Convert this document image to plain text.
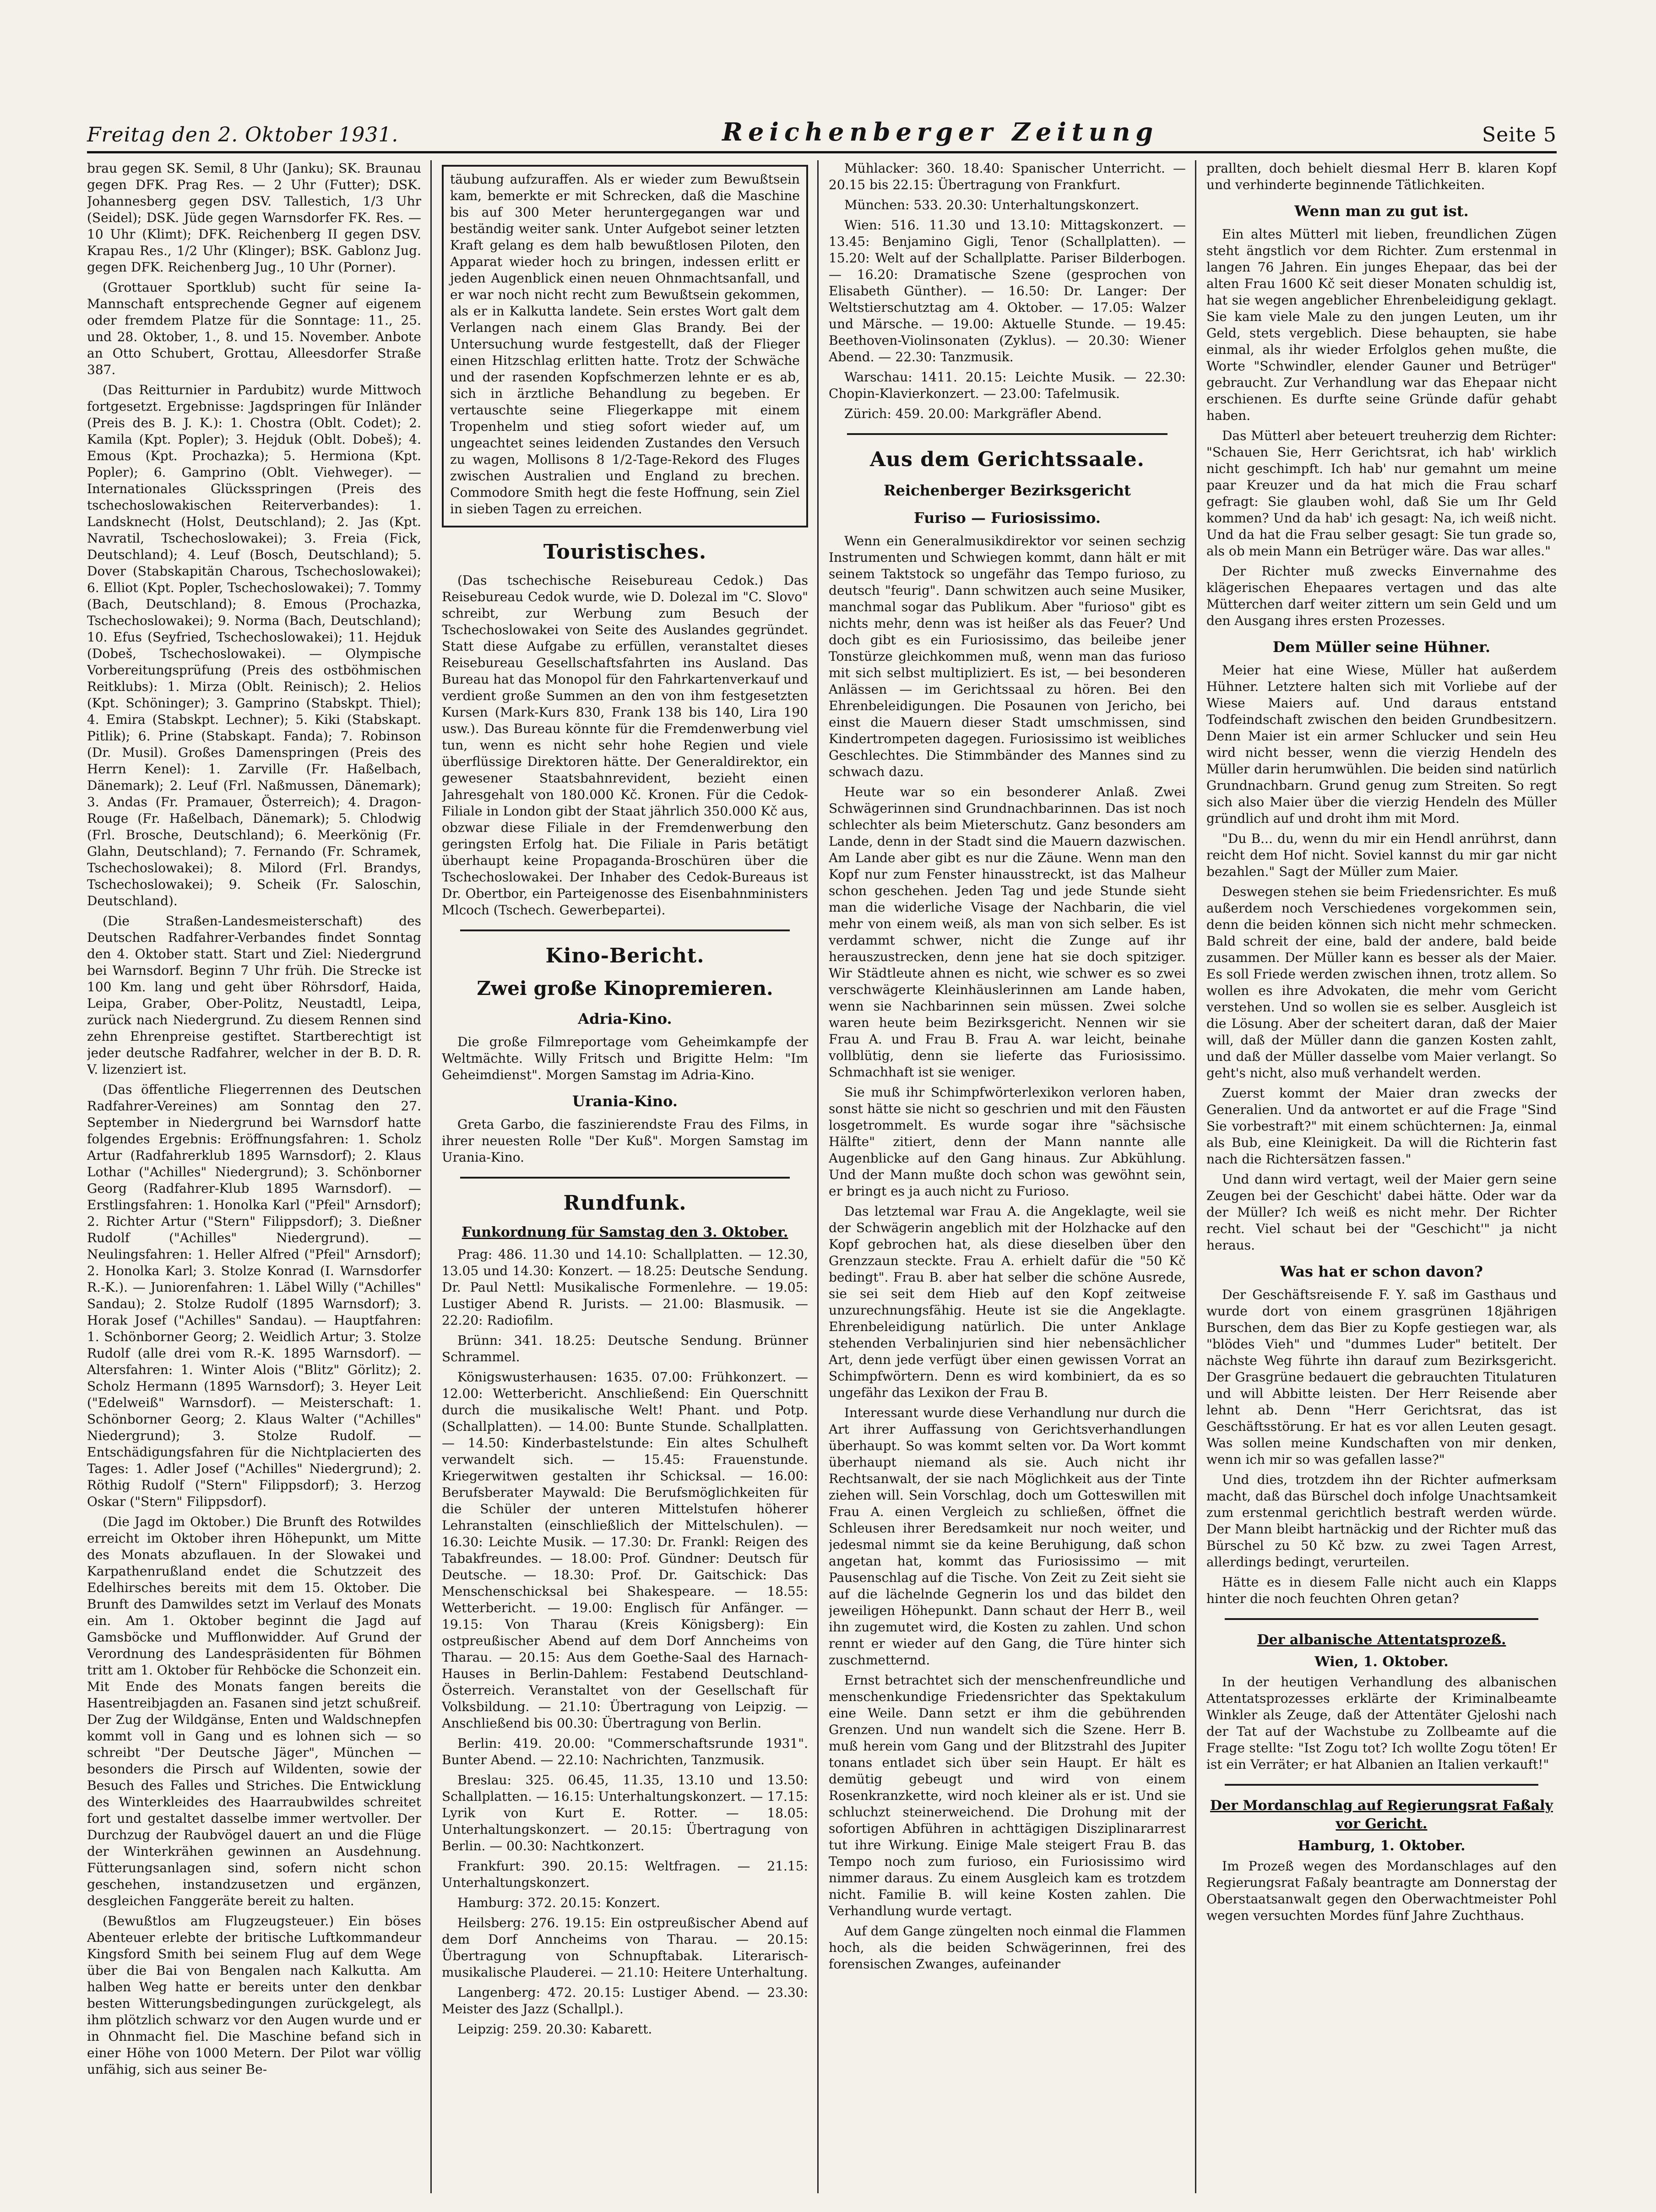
Freitag den 2. Oktober 1931.	Reichenberger Zeitung	Seite 5

brau gegen SK. Semil, 8 Uhr (Janku); SK. Braunau gegen DFK. Prag Res. — 2 Uhr (Futter); DSK. Johannesberg gegen DSV. Tallestich, 1/3 Uhr (Seidel); DSK. Jüde gegen Warnsdorfer FK. Res. — 10 Uhr (Klimt); DFK. Reichenberg II gegen DSV. Krapau Res., 1/2 Uhr (Klinger); BSK. Gablonz Jug. gegen DFK. Reichenberg Jug., 10 Uhr (Porner).

(Grottauer Sportklub) sucht für seine Ia-Mannschaft entsprechende Gegner auf eigenem oder fremdem Platze für die Sonntage: 11., 25. und 28. Oktober, 1., 8. und 15. November. Anbote an Otto Schubert, Grottau, Alleesdorfer Straße 387.

(Das Reitturnier in Pardubitz) wurde Mittwoch fortgesetzt. Ergebnisse: Jagdspringen für Inländer (Preis des B. J. K.): 1. Chostra (Oblt. Codet); 2. Kamila (Kpt. Popler); 3. Hejduk (Oblt. Dobeš); 4. Emous (Kpt. Prochazka); 5. Hermiona (Kpt. Popler); 6. Gamprino (Oblt. Viehweger). — Internationales Glücksspringen (Preis des tschechoslowakischen Reiterverbandes): 1. Landsknecht (Holst, Deutschland); 2. Jas (Kpt. Navratil, Tschechoslowakei); 3. Freia (Fick, Deutschland); 4. Leuf (Bosch, Deutschland); 5. Dover (Stabskapitän Charous, Tschechoslowakei); 6. Elliot (Kpt. Popler, Tschechoslowakei); 7. Tommy (Bach, Deutschland); 8. Emous (Prochazka, Tschechoslowakei); 9. Norma (Bach, Deutschland); 10. Efus (Seyfried, Tschechoslowakei); 11. Hejduk (Dobeš, Tschechoslowakei). — Olympische Vorbereitungsprüfung (Preis des ostböhmischen Reitklubs): 1. Mirza (Oblt. Reinisch); 2. Helios (Kpt. Schöninger); 3. Gamprino (Stabskpt. Thiel); 4. Emira (Stabskpt. Lechner); 5. Kiki (Stabskapt. Pitlik); 6. Prine (Stabskapt. Fanda); 7. Robinson (Dr. Musil). Großes Damenspringen (Preis des Herrn Kenel): 1. Zarville (Fr. Haßelbach, Dänemark); 2. Leuf (Frl. Naßmussen, Dänemark); 3. Andas (Fr. Pramauer, Österreich); 4. Dragon-Rouge (Fr. Haßelbach, Dänemark); 5. Chlodwig (Frl. Brosche, Deutschland); 6. Meerkönig (Fr. Glahn, Deutschland); 7. Fernando (Fr. Schramek, Tschechoslowakei); 8. Milord (Frl. Brandys, Tschechoslowakei); 9. Scheik (Fr. Saloschin, Deutschland).

(Die Straßen-Landesmeisterschaft) des Deutschen Radfahrer-Verbandes findet Sonntag den 4. Oktober statt. Start und Ziel: Niedergrund bei Warnsdorf. Beginn 7 Uhr früh. Die Strecke ist 100 Km. lang und geht über Röhrsdorf, Haida, Leipa, Graber, Ober-Politz, Neustadtl, Leipa, zurück nach Niedergrund. Zu diesem Rennen sind zehn Ehrenpreise gestiftet. Startberechtigt ist jeder deutsche Radfahrer, welcher in der B. D. R. V. lizenziert ist.

(Das öffentliche Fliegerrennen des Deutschen Radfahrer-Vereines) am Sonntag den 27. September in Niedergrund bei Warnsdorf hatte folgendes Ergebnis: Eröffnungsfahren: 1. Scholz Artur (Radfahrerklub 1895 Warnsdorf); 2. Klaus Lothar ("Achilles" Niedergrund); 3. Schönborner Georg (Radfahrer-Klub 1895 Warnsdorf). — Erstlingsfahren: 1. Honolka Karl ("Pfeil" Arnsdorf); 2. Richter Artur ("Stern" Filippsdorf); 3. Dießner Rudolf ("Achilles" Niedergrund). — Neulingsfahren: 1. Heller Alfred ("Pfeil" Arnsdorf); 2. Honolka Karl; 3. Stolze Konrad (I. Warnsdorfer R.-K.). — Juniorenfahren: 1. Läbel Willy ("Achilles" Sandau); 2. Stolze Rudolf (1895 Warnsdorf); 3. Horak Josef ("Achilles" Sandau). — Hauptfahren: 1. Schönborner Georg; 2. Weidlich Artur; 3. Stolze Rudolf (alle drei vom R.-K. 1895 Warnsdorf). — Altersfahren: 1. Winter Alois ("Blitz" Görlitz); 2. Scholz Hermann (1895 Warnsdorf); 3. Heyer Leit ("Edelweiß" Warnsdorf). — Meisterschaft: 1. Schönborner Georg; 2. Klaus Walter ("Achilles" Niedergrund); 3. Stolze Rudolf. — Entschädigungsfahren für die Nichtplacierten des Tages: 1. Adler Josef ("Achilles" Niedergrund); 2. Röthig Rudolf ("Stern" Filippsdorf); 3. Herzog Oskar ("Stern" Filippsdorf).

(Die Jagd im Oktober.) Die Brunft des Rotwildes erreicht im Oktober ihren Höhepunkt, um Mitte des Monats abzuflauen. In der Slowakei und Karpathenrußland endet die Schutzzeit des Edelhirsches bereits mit dem 15. Oktober. Die Brunft des Damwildes setzt im Verlauf des Monats ein. Am 1. Oktober beginnt die Jagd auf Gamsböcke und Mufflonwidder. Auf Grund der Verordnung des Landespräsidenten für Böhmen tritt am 1. Oktober für Rehböcke die Schonzeit ein. Mit Ende des Monats fangen bereits die Hasentreibjagden an. Fasanen sind jetzt schußreif. Der Zug der Wildgänse, Enten und Waldschnepfen kommt voll in Gang und es lohnen sich — so schreibt "Der Deutsche Jäger", München — besonders die Pirsch auf Wildenten, sowie der Besuch des Falles und Striches. Die Entwicklung des Winterkleides des Haarraubwildes schreitet fort und gestaltet dasselbe immer wertvoller. Der Durchzug der Raubvögel dauert an und die Flüge der Winterkrähen gewinnen an Ausdehnung. Fütterungsanlagen sind, sofern nicht schon geschehen, instandzusetzen und ergänzen, desgleichen Fanggeräte bereit zu halten.

(Bewußtlos am Flugzeugsteuer.) Ein böses Abenteuer erlebte der britische Luftkommandeur Kingsford Smith bei seinem Flug auf dem Wege über die Bai von Bengalen nach Kalkutta. Am halben Weg hatte er bereits unter den denkbar besten Witterungsbedingungen zurückgelegt, als ihm plötzlich schwarz vor den Augen wurde und er in Ohnmacht fiel. Die Maschine befand sich in einer Höhe von 1000 Metern. Der Pilot war völlig unfähig, sich aus seiner Be-

täubung aufzuraffen. Als er wieder zum Bewußtsein kam, bemerkte er mit Schrecken, daß die Maschine bis auf 300 Meter heruntergegangen war und beständig weiter sank. Unter Aufgebot seiner letzten Kraft gelang es dem halb bewußtlosen Piloten, den Apparat wieder hoch zu bringen, indessen erlitt er jeden Augenblick einen neuen Ohnmachtsanfall, und er war noch nicht recht zum Bewußtsein gekommen, als er in Kalkutta landete. Sein erstes Wort galt dem Verlangen nach einem Glas Brandy. Bei der Untersuchung wurde festgestellt, daß der Flieger einen Hitzschlag erlitten hatte. Trotz der Schwäche und der rasenden Kopfschmerzen lehnte er es ab, sich in ärztliche Behandlung zu begeben. Er vertauschte seine Fliegerkappe mit einem Tropenhelm und stieg sofort wieder auf, um ungeachtet seines leidenden Zustandes den Versuch zu wagen, Mollisons 8 1/2-Tage-Rekord des Fluges zwischen Australien und England zu brechen. Commodore Smith hegt die feste Hoffnung, sein Ziel in sieben Tagen zu erreichen.

Touristisches.

(Das tschechische Reisebureau Cedok.) Das Reisebureau Cedok wurde, wie D. Dolezal im "C. Slovo" schreibt, zur Werbung zum Besuch der Tschechoslowakei von Seite des Auslandes gegründet. Statt diese Aufgabe zu erfüllen, veranstaltet dieses Reisebureau Gesellschaftsfahrten ins Ausland. Das Bureau hat das Monopol für den Fahrkartenverkauf und verdient große Summen an den von ihm festgesetzten Kursen (Mark-Kurs 830, Frank 138 bis 140, Lira 190 usw.). Das Bureau könnte für die Fremdenwerbung viel tun, wenn es nicht sehr hohe Regien und viele überflüssige Direktoren hätte. Der Generaldirektor, ein gewesener Staatsbahnrevident, bezieht einen Jahresgehalt von 180.000 Kč. Kronen. Für die Cedok-Filiale in London gibt der Staat jährlich 350.000 Kč aus, obzwar diese Filiale in der Fremdenwerbung den geringsten Erfolg hat. Die Filiale in Paris betätigt überhaupt keine Propaganda-Broschüren über die Tschechoslowakei. Der Inhaber des Cedok-Bureaus ist Dr. Obertbor, ein Parteigenosse des Eisenbahnministers Mlcoch (Tschech. Gewerbepartei).

Kino-Bericht.
Zwei große Kinopremieren.
Adria-Kino.

Die große Filmreportage vom Geheimkampfe der Weltmächte. Willy Fritsch und Brigitte Helm: "Im Geheimdienst". Morgen Samstag im Adria-Kino.

Urania-Kino.

Greta Garbo, die faszinierendste Frau des Films, in ihrer neuesten Rolle "Der Kuß". Morgen Samstag im Urania-Kino.

Rundfunk.
Funkordnung für Samstag den 3. Oktober.

Prag: 486. 11.30 und 14.10: Schallplatten. — 12.30, 13.05 und 14.30: Konzert. — 18.25: Deutsche Sendung. Dr. Paul Nettl: Musikalische Formenlehre. — 19.05: Lustiger Abend R. Jurists. — 21.00: Blasmusik. — 22.20: Radiofilm.

Brünn: 341. 18.25: Deutsche Sendung. Brünner Schrammel.

Königswusterhausen: 1635. 07.00: Frühkonzert. — 12.00: Wetterbericht. Anschließend: Ein Querschnitt durch die musikalische Welt! Phant. und Potp. (Schallplatten). — 14.00: Bunte Stunde. Schallplatten. — 14.50: Kinderbastelstunde: Ein altes Schulheft verwandelt sich. — 15.45: Frauenstunde. Kriegerwitwen gestalten ihr Schicksal. — 16.00: Berufsberater Maywald: Die Berufsmöglichkeiten für die Schüler der unteren Mittelstufen höherer Lehranstalten (einschließlich der Mittelschulen). — 16.30: Leichte Musik. — 17.30: Dr. Frankl: Reigen des Tabakfreundes. — 18.00: Prof. Gündner: Deutsch für Deutsche. — 18.30: Prof. Dr. Gaitschick: Das Menschenschicksal bei Shakespeare. — 18.55: Wetterbericht. — 19.00: Englisch für Anfänger. — 19.15: Von Tharau (Kreis Königsberg): Ein ostpreußischer Abend auf dem Dorf Anncheims von Tharau. — 20.15: Aus dem Goethe-Saal des Harnach-Hauses in Berlin-Dahlem: Festabend Deutschland-Österreich. Veranstaltet von der Gesellschaft für Volksbildung. — 21.10: Übertragung von Leipzig. — Anschließend bis 00.30: Übertragung von Berlin.

Berlin: 419. 20.00: "Commerschaftsrunde 1931". Bunter Abend. — 22.10: Nachrichten, Tanzmusik.

Breslau: 325. 06.45, 11.35, 13.10 und 13.50: Schallplatten. — 16.15: Unterhaltungskonzert. — 17.15: Lyrik von Kurt E. Rotter. — 18.05: Unterhaltungskonzert. — 20.15: Übertragung von Berlin. — 00.30: Nachtkonzert.

Frankfurt: 390. 20.15: Weltfragen. — 21.15: Unterhaltungskonzert.

Hamburg: 372. 20.15: Konzert.

Heilsberg: 276. 19.15: Ein ostpreußischer Abend auf dem Dorf Anncheims von Tharau. — 20.15: Übertragung von Schnupftabak. Literarisch-musikalische Plauderei. — 21.10: Heitere Unterhaltung.

Langenberg: 472. 20.15: Lustiger Abend. — 23.30: Meister des Jazz (Schallpl.).

Leipzig: 259. 20.30: Kabarett.

Mühlacker: 360. 18.40: Spanischer Unterricht. — 20.15 bis 22.15: Übertragung von Frankfurt.

München: 533. 20.30: Unterhaltungskonzert.

Wien: 516. 11.30 und 13.10: Mittagskonzert. — 13.45: Benjamino Gigli, Tenor (Schallplatten). — 15.20: Welt auf der Schallplatte. Pariser Bilderbogen. — 16.20: Dramatische Szene (gesprochen von Elisabeth Günther). — 16.50: Dr. Langer: Der Weltstierschutztag am 4. Oktober. — 17.05: Walzer und Märsche. — 19.00: Aktuelle Stunde. — 19.45: Beethoven-Violinsonaten (Zyklus). — 20.30: Wiener Abend. — 22.30: Tanzmusik.

Warschau: 1411. 20.15: Leichte Musik. — 22.30: Chopin-Klavierkonzert. — 23.00: Tafelmusik.

Zürich: 459. 20.00: Markgräfler Abend.

Aus dem Gerichtssaale.
Reichenberger Bezirksgericht
Furiso — Furiosissimo.

Wenn ein Generalmusikdirektor vor seinen sechzig Instrumenten und Schwiegen kommt, dann hält er mit seinem Taktstock so ungefähr das Tempo furioso, zu deutsch "feurig". Dann schwitzen auch seine Musiker, manchmal sogar das Publikum. Aber "furioso" gibt es nichts mehr, denn was ist heißer als das Feuer? Und doch gibt es ein Furiosissimo, das beileibe jener Tonstürze gleichkommen muß, wenn man das furioso mit sich selbst multipliziert. Es ist, — bei besonderen Anlässen — im Gerichtssaal zu hören. Bei den Ehrenbeleidigungen. Die Posaunen von Jericho, bei einst die Mauern dieser Stadt umschmissen, sind Kindertrompeten dagegen. Furiosissimo ist weibliches Geschlechtes. Die Stimmbänder des Mannes sind zu schwach dazu.

Heute war so ein besonderer Anlaß. Zwei Schwägerinnen sind Grundnachbarinnen. Das ist noch schlechter als beim Mieterschutz. Ganz besonders am Lande, denn in der Stadt sind die Mauern dazwischen. Am Lande aber gibt es nur die Zäune. Wenn man den Kopf nur zum Fenster hinausstreckt, ist das Malheur schon geschehen. Jeden Tag und jede Stunde sieht man die widerliche Visage der Nachbarin, die viel mehr von einem weiß, als man von sich selber. Es ist verdammt schwer, nicht die Zunge auf ihr herauszustrecken, denn jene hat sie doch spitziger. Wir Städtleute ahnen es nicht, wie schwer es so zwei verschwägerte Kleinhäuslerinnen am Lande haben, wenn sie Nachbarinnen sein müssen. Zwei solche waren heute beim Bezirksgericht. Nennen wir sie Frau A. und Frau B. Frau A. war leicht, beinahe vollblütig, denn sie lieferte das Furiosissimo. Schmachhaft ist sie weniger.

Sie muß ihr Schimpfwörterlexikon verloren haben, sonst hätte sie nicht so geschrien und mit den Fäusten losgetrommelt. Es wurde sogar ihre "sächsische Hälfte" zitiert, denn der Mann nannte alle Augenblicke auf den Gang hinaus. Zur Abkühlung. Und der Mann mußte doch schon was gewöhnt sein, er bringt es ja auch nicht zu Furioso.

Das letztemal war Frau A. die Angeklagte, weil sie der Schwägerin angeblich mit der Holzhacke auf den Kopf gebrochen hat, als diese dieselben über den Grenzzaun steckte. Frau A. erhielt dafür die "50 Kč bedingt". Frau B. aber hat selber die schöne Ausrede, sie sei seit dem Hieb auf den Kopf zeitweise unzurechnungsfähig. Heute ist sie die Angeklagte. Ehrenbeleidigung natürlich. Die unter Anklage stehenden Verbalinjurien sind hier nebensächlicher Art, denn jede verfügt über einen gewissen Vorrat an Schimpfwörtern. Denn es wird kombiniert, da es so ungefähr das Lexikon der Frau B.

Interessant wurde diese Verhandlung nur durch die Art ihrer Auffassung von Gerichtsverhandlungen überhaupt. So was kommt selten vor. Da Wort kommt überhaupt niemand als sie. Auch nicht ihr Rechtsanwalt, der sie nach Möglichkeit aus der Tinte ziehen will. Sein Vorschlag, doch um Gotteswillen mit Frau A. einen Vergleich zu schließen, öffnet die Schleusen ihrer Beredsamkeit nur noch weiter, und jedesmal nimmt sie da keine Beruhigung, daß schon angetan hat, kommt das Furiosissimo — mit Pausenschlag auf die Tische. Von Zeit zu Zeit sieht sie auf die lächelnde Gegnerin los und das bildet den jeweiligen Höhepunkt. Dann schaut der Herr B., weil ihn zugemutet wird, die Kosten zu zahlen. Und schon rennt er wieder auf den Gang, die Türe hinter sich zuschmetternd.

Ernst betrachtet sich der menschenfreundliche und menschenkundige Friedensrichter das Spektakulum eine Weile. Dann setzt er ihm die gebührenden Grenzen. Und nun wandelt sich die Szene. Herr B. muß herein vom Gang und der Blitzstrahl des Jupiter tonans entladet sich über sein Haupt. Er hält es demütig gebeugt und wird von einem Rosenkranzkette, wird noch kleiner als er ist. Und sie schluchzt steinerweichend. Die Drohung mit der sofortigen Abführen in achttägigen Disziplinararrest tut ihre Wirkung. Einige Male steigert Frau B. das Tempo noch zum furioso, ein Furiosissimo wird nimmer daraus. Zu einem Ausgleich kam es trotzdem nicht. Familie B. will keine Kosten zahlen. Die Verhandlung wurde vertagt.

Auf dem Gange züngelten noch einmal die Flammen hoch, als die beiden Schwägerinnen, frei des forensischen Zwanges, aufeinander

prallten, doch behielt diesmal Herr B. klaren Kopf und verhinderte beginnende Tätlichkeiten.

Wenn man zu gut ist.

Ein altes Mütterl mit lieben, freundlichen Zügen steht ängstlich vor dem Richter. Zum erstenmal in langen 76 Jahren. Ein junges Ehepaar, das bei der alten Frau 1600 Kč seit dieser Monaten schuldig ist, hat sie wegen angeblicher Ehrenbeleidigung geklagt. Sie kam viele Male zu den jungen Leuten, um ihr Geld, stets vergeblich. Diese behaupten, sie habe einmal, als ihr wieder Erfolglos gehen mußte, die Worte "Schwindler, elender Gauner und Betrüger" gebraucht. Zur Verhandlung war das Ehepaar nicht erschienen. Es durfte seine Gründe dafür gehabt haben.

Das Mütterl aber beteuert treuherzig dem Richter: "Schauen Sie, Herr Gerichtsrat, ich hab' wirklich nicht geschimpft. Ich hab' nur gemahnt um meine paar Kreuzer und da hat mich die Frau scharf gefragt: Sie glauben wohl, daß Sie um Ihr Geld kommen? Und da hab' ich gesagt: Na, ich weiß nicht. Und da hat die Frau selber gesagt: Sie tun grade so, als ob mein Mann ein Betrüger wäre. Das war alles."

Der Richter muß zwecks Einvernahme des klägerischen Ehepaares vertagen und das alte Mütterchen darf weiter zittern um sein Geld und um den Ausgang ihres ersten Prozesses.

Dem Müller seine Hühner.

Meier hat eine Wiese, Müller hat außerdem Hühner. Letztere halten sich mit Vorliebe auf der Wiese Maiers auf. Und daraus entstand Todfeindschaft zwischen den beiden Grundbesitzern. Denn Maier ist ein armer Schlucker und sein Heu wird nicht besser, wenn die vierzig Hendeln des Müller darin herumwühlen. Die beiden sind natürlich Grundnachbarn. Grund genug zum Streiten. So regt sich also Maier über die vierzig Hendeln des Müller gründlich auf und droht ihm mit Mord.

"Du B... du, wenn du mir ein Hendl anrührst, dann reicht dem Hof nicht. Soviel kannst du mir gar nicht bezahlen." Sagt der Müller zum Maier.

Deswegen stehen sie beim Friedensrichter. Es muß außerdem noch Verschiedenes vorgekommen sein, denn die beiden können sich nicht mehr schmecken. Bald schreit der eine, bald der andere, bald beide zusammen. Der Müller kann es besser als der Maier. Es soll Friede werden zwischen ihnen, trotz allem. So wollen es ihre Advokaten, die mehr vom Gericht verstehen. Und so wollen sie es selber. Ausgleich ist die Lösung. Aber der scheitert daran, daß der Maier will, daß der Müller dann die ganzen Kosten zahlt, und daß der Müller dasselbe vom Maier verlangt. So geht's nicht, also muß verhandelt werden.

Zuerst kommt der Maier dran zwecks der Generalien. Und da antwortet er auf die Frage "Sind Sie vorbestraft?" mit einem schüchternen: Ja, einmal als Bub, eine Kleinigkeit. Da will die Richterin fast nach die Richtersätzen fassen."

Und dann wird vertagt, weil der Maier gern seine Zeugen bei der Geschicht' dabei hätte. Oder war da der Müller? Ich weiß es nicht mehr. Der Richter recht. Viel schaut bei der "Geschicht'" ja nicht heraus.

Was hat er schon davon?

Der Geschäftsreisende F. Y. saß im Gasthaus und wurde dort von einem grasgrünen 18jährigen Burschen, dem das Bier zu Kopfe gestiegen war, als "blödes Vieh" und "dummes Luder" betitelt. Der nächste Weg führte ihn darauf zum Bezirksgericht. Der Grasgrüne bedauert die gebrauchten Titulaturen und will Abbitte leisten. Der Herr Reisende aber lehnt ab. Denn "Herr Gerichtsrat, das ist Geschäftsstörung. Er hat es vor allen Leuten gesagt. Was sollen meine Kundschaften von mir denken, wenn ich mir so was gefallen lasse?"

Und dies, trotzdem ihn der Richter aufmerksam macht, daß das Bürschel doch infolge Unachtsamkeit zum erstenmal gerichtlich bestraft werden würde. Der Mann bleibt hartnäckig und der Richter muß das Bürschel zu 50 Kč bzw. zu zwei Tagen Arrest, allerdings bedingt, verurteilen.

Hätte es in diesem Falle nicht auch ein Klapps hinter die noch feuchten Ohren getan?

Der albanische Attentatsprozeß.
Wien, 1. Oktober.

In der heutigen Verhandlung des albanischen Attentatsprozesses erklärte der Kriminalbeamte Winkler als Zeuge, daß der Attentäter Gjeloshi nach der Tat auf der Wachstube zu Zollbeamte auf die Frage stellte: "Ist Zogu tot? Ich wollte Zogu töten! Er ist ein Verräter; er hat Albanien an Italien verkauft!"

Der Mordanschlag auf Regierungsrat Faßaly vor Gericht.
Hamburg, 1. Oktober.

Im Prozeß wegen des Mordanschlages auf den Regierungsrat Faßaly beantragte am Donnerstag der Oberstaatsanwalt gegen den Oberwachtmeister Pohl wegen versuchten Mordes fünf Jahre Zuchthaus.
